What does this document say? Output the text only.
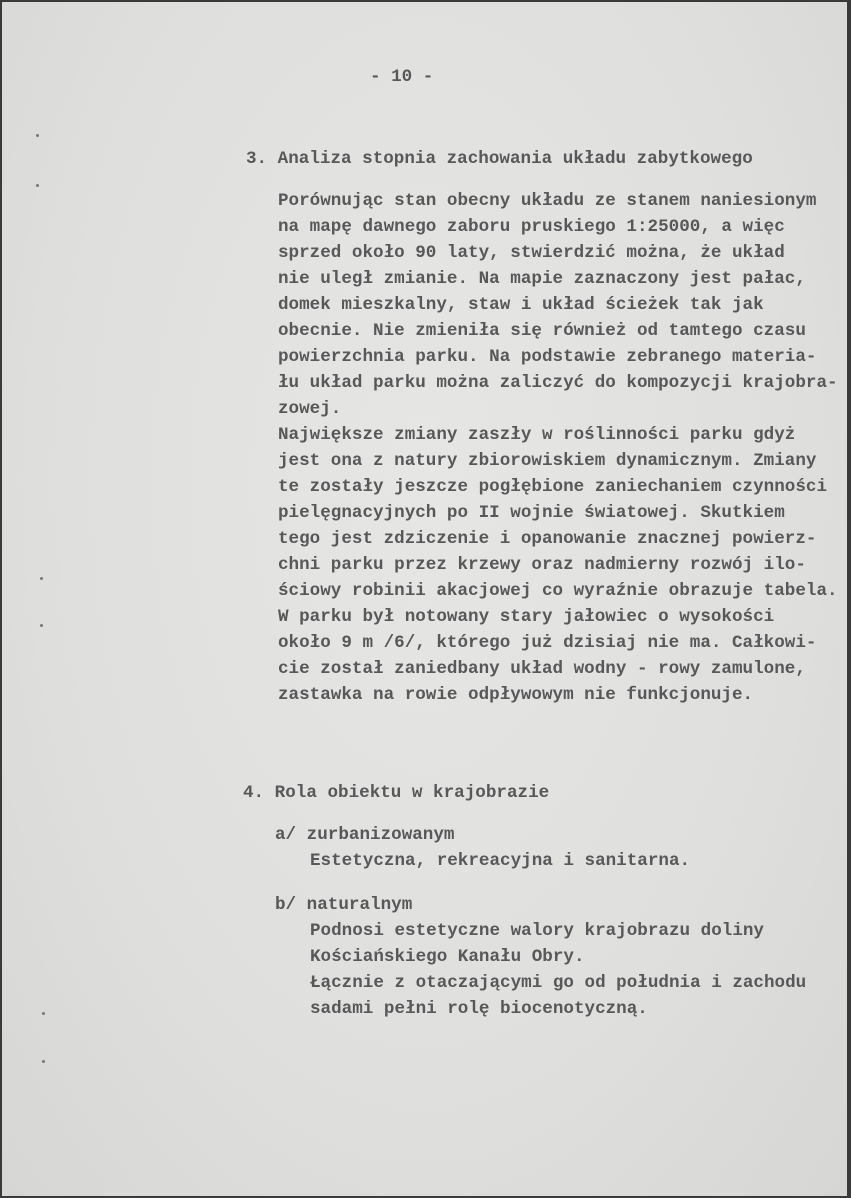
- 10 -
3. Analiza stopnia zachowania układu zabytkowego
Porównując stan obecny układu ze stanem naniesionym
na mapę dawnego zaboru pruskiego 1:25000, a więc
sprzed około 90 laty, stwierdzić można, że układ
nie uległ zmianie. Na mapie zaznaczony jest pałac,
domek mieszkalny, staw i układ ścieżek tak jak
obecnie. Nie zmieniła się również od tamtego czasu
powierzchnia parku. Na podstawie zebranego materia-
łu układ parku można zaliczyć do kompozycji krajobra-
zowej.
Największe zmiany zaszły w roślinności parku gdyż
jest ona z natury zbiorowiskiem dynamicznym. Zmiany
te zostały jeszcze pogłębione zaniechaniem czynności
pielęgnacyjnych po II wojnie światowej. Skutkiem
tego jest zdziczenie i opanowanie znacznej powierz-
chni parku przez krzewy oraz nadmierny rozwój ilo-
ściowy robinii akacjowej co wyraźnie obrazuje tabela.
W parku był notowany stary jałowiec o wysokości
około 9 m /6/, którego już dzisiaj nie ma. Całkowi-
cie został zaniedbany układ wodny - rowy zamulone,
zastawka na rowie odpływowym nie funkcjonuje.
4. Rola obiektu w krajobrazie
a/ zurbanizowanym
Estetyczna, rekreacyjna i sanitarna.
b/ naturalnym
Podnosi estetyczne walory krajobrazu doliny
Kościańskiego Kanału Obry.
Łącznie z otaczającymi go od południa i zachodu
sadami pełni rolę biocenotyczną.
